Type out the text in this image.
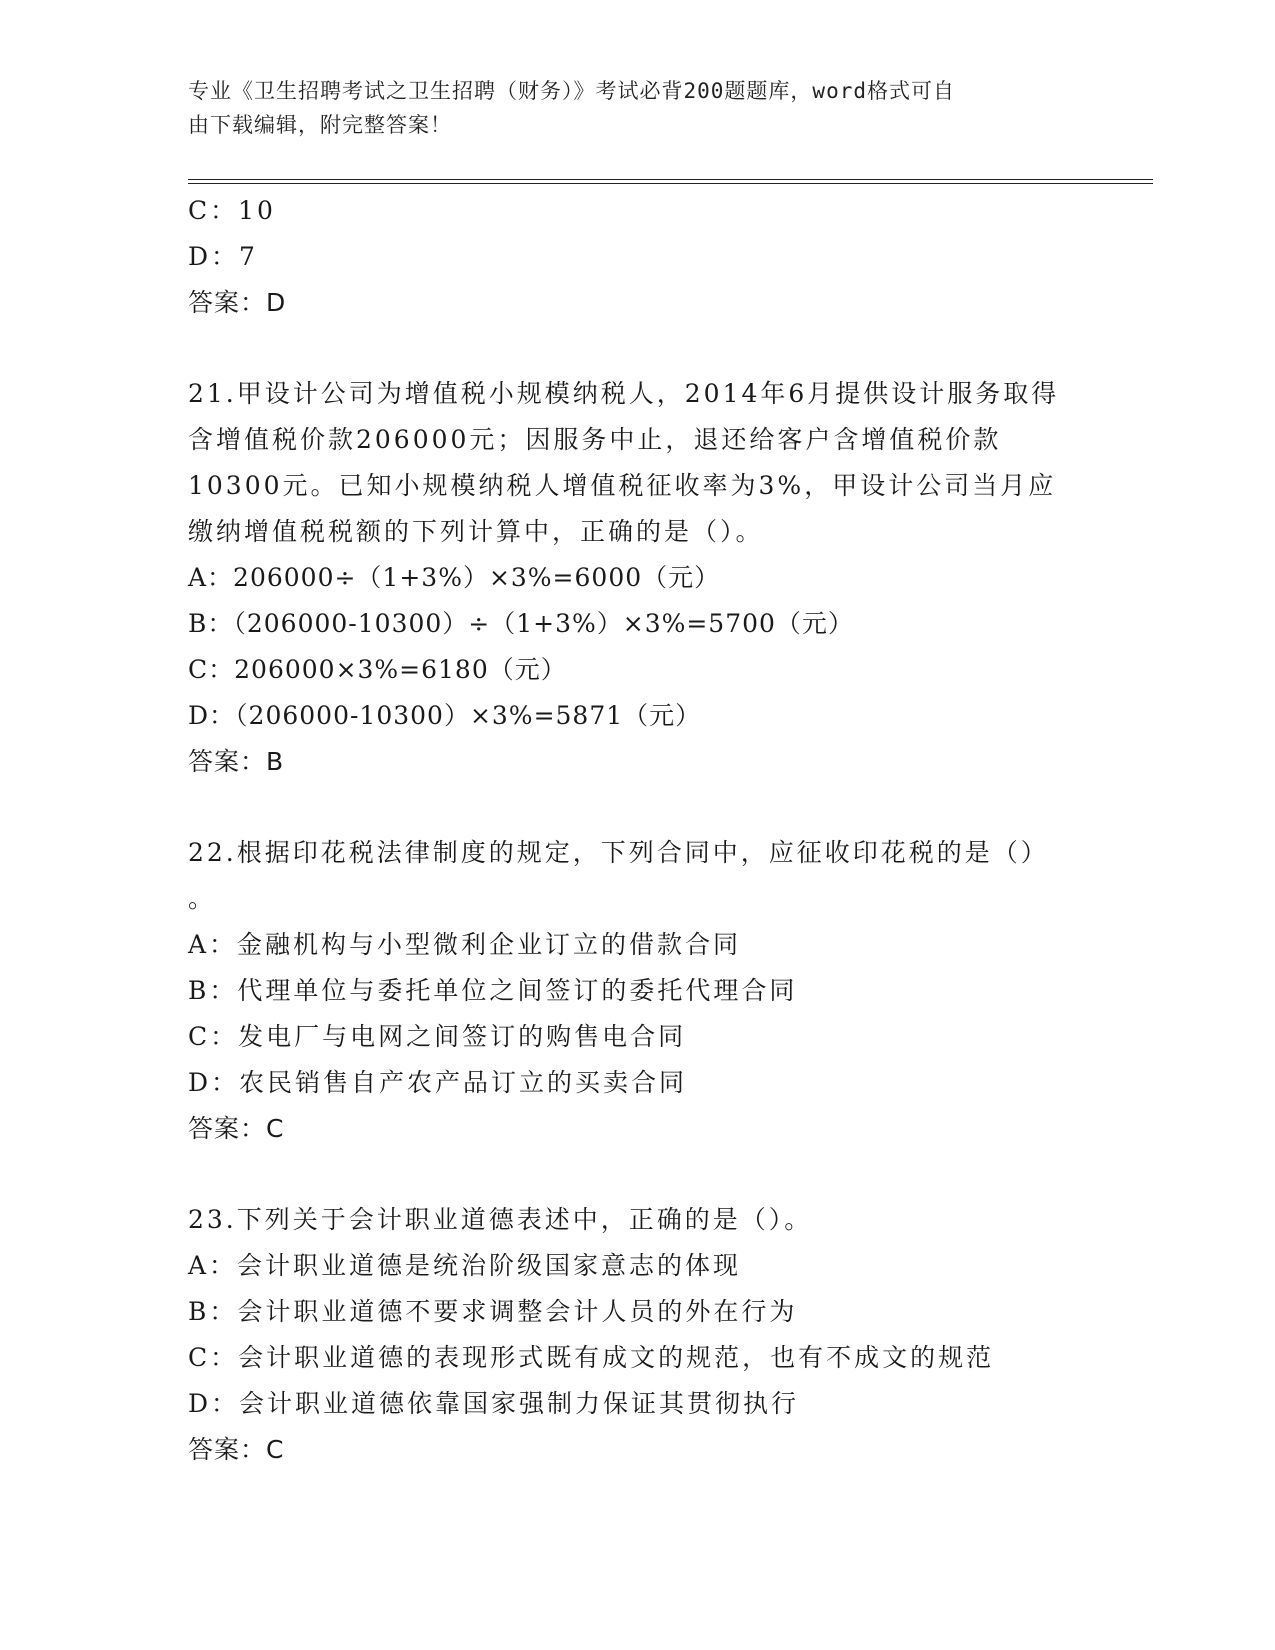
专业《卫生招聘考试之卫生招聘（财务）》考试必背200题题库，word格式可自
由下载编辑，附完整答案！
C：10
D：7
答案：D
21.甲设计公司为增值税小规模纳税人，2014年6月提供设计服务取得
含增值税价款206000元；因服务中止，退还给客户含增值税价款
10300元。已知小规模纳税人增值税征收率为3%，甲设计公司当月应
缴纳增值税税额的下列计算中，正确的是（）。
A：206000÷（1+3%）×3%=6000（元）
B：（206000-10300）÷（1+3%）×3%=5700（元）
C：206000×3%=6180（元）
D：（206000-10300）×3%=5871（元）
答案：B
22.根据印花税法律制度的规定，下列合同中，应征收印花税的是（）
。
A：金融机构与小型微利企业订立的借款合同
B：代理单位与委托单位之间签订的委托代理合同
C：发电厂与电网之间签订的购售电合同
D：农民销售自产农产品订立的买卖合同
答案：C
23.下列关于会计职业道德表述中，正确的是（）。
A：会计职业道德是统治阶级国家意志的体现
B：会计职业道德不要求调整会计人员的外在行为
C：会计职业道德的表现形式既有成文的规范，也有不成文的规范
D：会计职业道德依靠国家强制力保证其贯彻执行
答案：C
